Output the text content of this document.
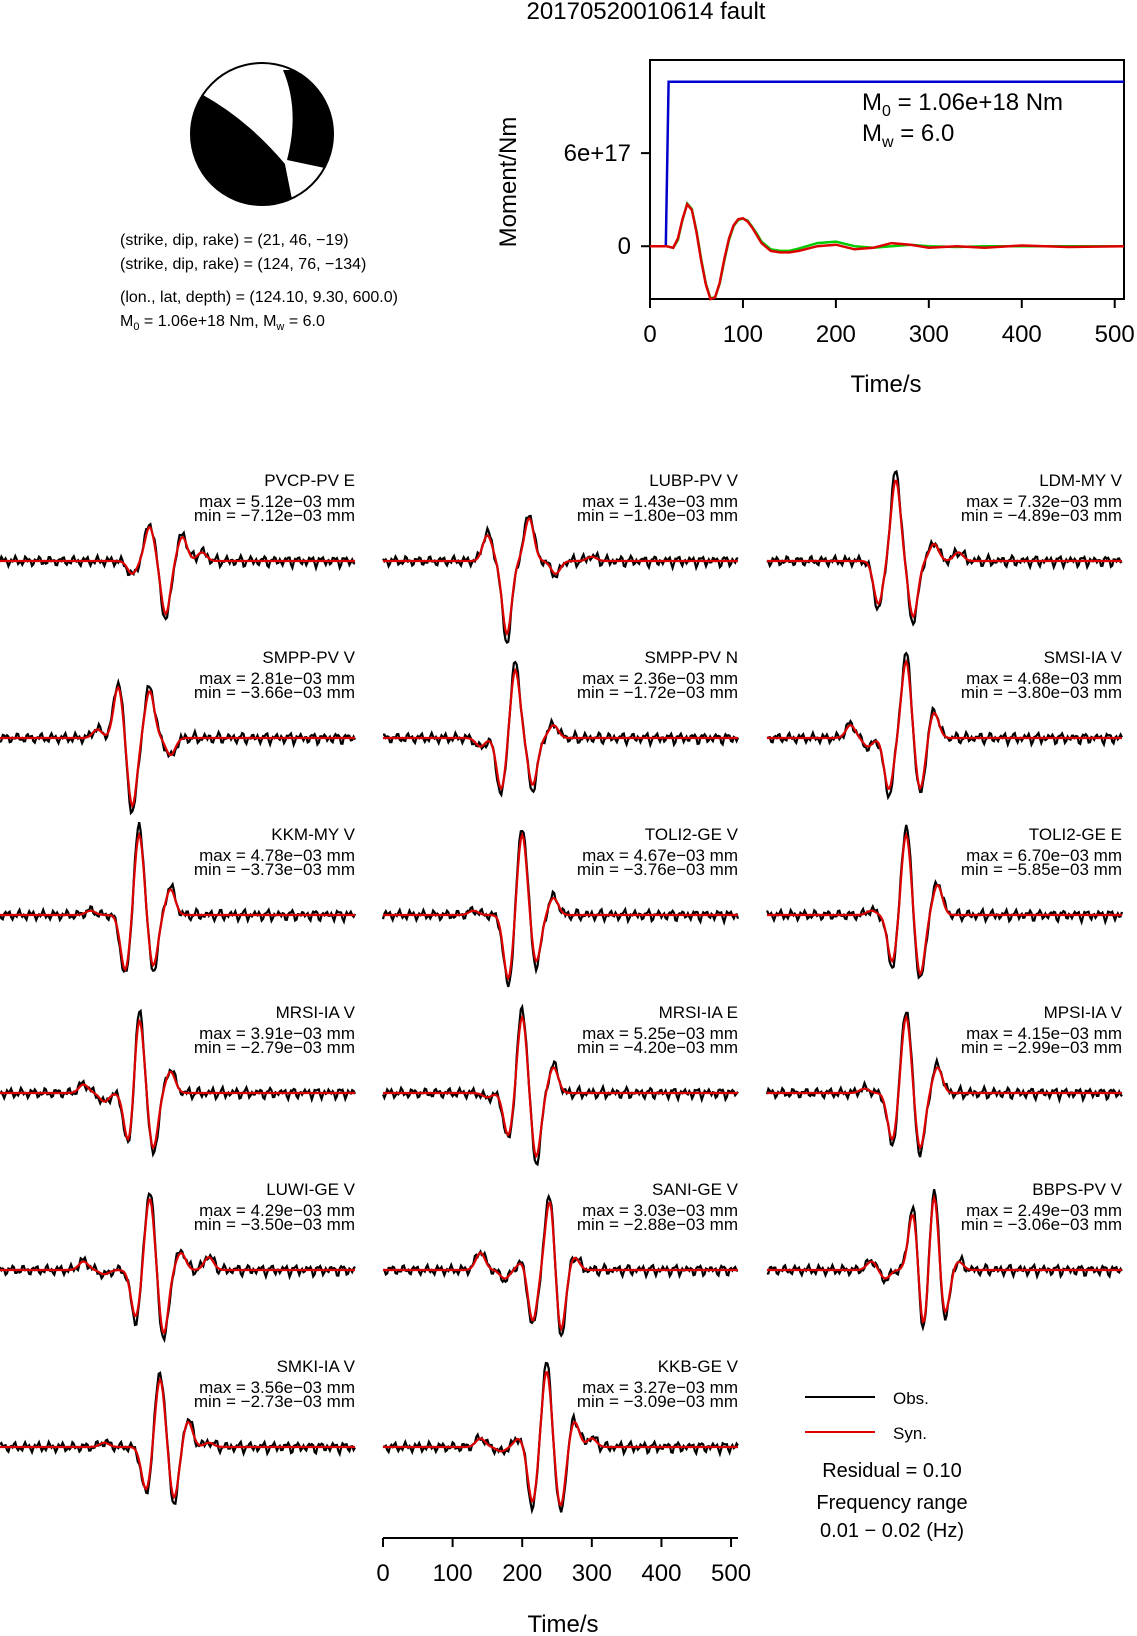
20170520010614 fault
(strike, dip, rake) = (21, 46, −19)
(strike, dip, rake) = (124, 76, −134)
(lon., lat, depth) = (124.10, 9.30, 600.0)
$M_0 = 1.06e+18$ Nm, $M_w = 6.0$	0	100 200 300 400 500
0
6e+17
Moment/Nm
Time/s
$M_0 = 1.06e+18$ Nm
$M_w = 6.0$
PVCP-PV E
max = 5.12e−03 mm
min = −7.12e−03 mm
LUBP-PV V
max = 1.43e−03 mm
min = −1.80e−03 mm
LDM-MY V
max = 7.32e−03 mm
min = −4.89e−03 mm
SMPP-PV V
max = 2.81e−03 mm
min = −3.66e−03 mm
SMPP-PV N
max = 2.36e−03 mm
min = −1.72e−03 mm
SMSI-IA V
max = 4.68e−03 mm
min = −3.80e−03 mm
KKM-MY V
max = 4.78e−03 mm
min = −3.73e−03 mm
TOLI2-GE V
max = 4.67e−03 mm
min = −3.76e−03 mm
TOLI2-GE E
max = 6.70e−03 mm
min = −5.85e−03 mm
MRSI-IA V
max = 3.91e−03 mm
min = −2.79e−03 mm
MRSI-IA E
max = 5.25e−03 mm
min = −4.20e−03 mm
MPSI-IA V
max = 4.15e−03 mm
min = −2.99e−03 mm
LUWI-GE V
max = 4.29e−03 mm
min = −3.50e−03 mm
SANI-GE V
max = 3.03e−03 mm
min = −2.88e−03 mm
BBPS-PV V
max = 2.49e−03 mm
min = −3.06e−03 mm
SMKI-IA V
max = 3.56e−03 mm
min = −2.73e−03 mm
KKB-GE V
max = 3.27e−03 mm
min = −3.09e−03 mm
0 100 200 300 400 500
Time/s
Obs.
Syn.
Residual = 0.10
Frequency range
0.01 − 0.02 (Hz)
